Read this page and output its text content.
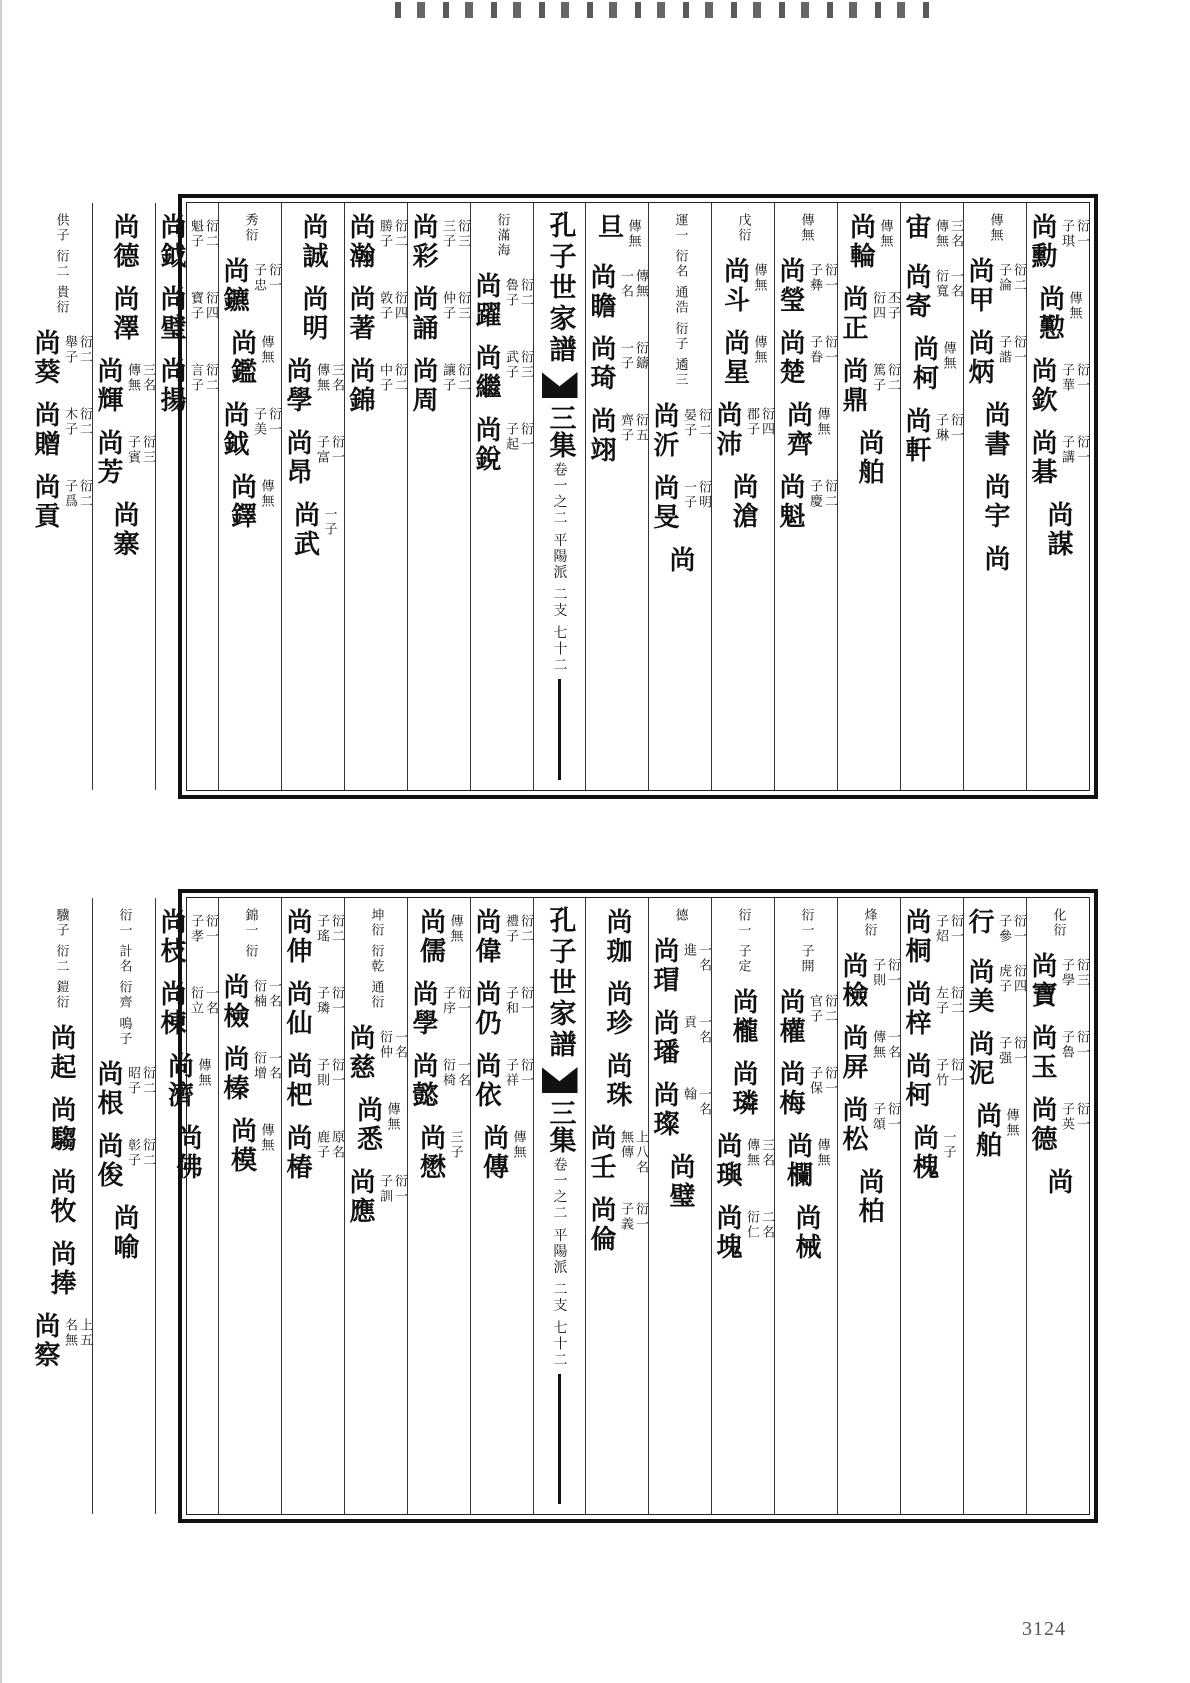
尚勳 衍一
子琪
尚懃 傳無
尚欽 衍一
子華
尚碁 衍一
子講
尚謀
傳無
尚甲 衍二
子淪
尚炳 衍一
子諧
尚書
尚宇
尚
宙 三名
傳無
尚寄 一名
衍寬
尚柯 傳無
尚軒 衍一
子琳
尚輪 傳無
尚正 丕子
衍四
尚鼎 衍二
篤子
尚舶
傳無
尚瑩 衍一
子彝
尚楚 衍一
子眷
尚齊 傳無
尚魁 衍二
子慶
戊衍
尚斗 傳無
尚星 傳無
尚沛 衍四
郡子
尚滄
運一 衍名 通浩 衍子 遹三
尚沂 衍二
晏子
尚旻 衍明
一子
尚
旦 傳無
尚瞻 傳無
一名
尚琦 衍鑄
一子
尚翊 衍五
齊子
孔子世家譜
三集
卷一之二 平陽派 二支 七十二
衍滿海
尚躍 衍二
魯子
尚繼 衍三
武子
尚銳 衍一
子起
尚彩 衍三
三子
尚誦 衍三
仲子
尚周 衍二
讓子
尚瀚 衍二
勝子
尚著 衍四
敦子
尚錦 衍二
中子
尚誠
尚明
尚學 三名
傳無
尚昂 衍一
子富
尚武 一子
秀衍
尚鑣 衍一
子忠
尚鑑 傳無
尚鉞 衍一
子美
尚鐸 傳無
尚鉞 衍二
魁子
尚璧 衍四
寶子
尚揚 衍二
言子
尚德
尚澤
尚輝 三名
傳無
尚芳 衍三
子賓
尚寨
供子 衍二 貴衍
尚葵 衍二
舉子
尚贈 衍二
木子
尚貢 衍二
子爲
化衍
尚寶 衍三
子學
尚玉 衍一
子魯
尚德 衍一
子英
尚
行 衍一
子參
尚美 衍四
虎子
尚泥 衍一
子强
尚舶 傳無
尚桐 衍一
子炤
尚梓 衍二
左子
尚柯 衍一
子竹
尚槐 一子
烽衍
尚檢 衍一
子則
尚屏 一名
傳無
尚松 衍一
子頌
尚柏
衍一 子開
尚權 衍二
官子
尚梅 衍一
子保
尚欄 傳無
尚械
衍一 子定
尚櫳
尚璘
尚璵 三名
傳無
尚塊 二名
衍仁
德
尚瑁 一名
進
尚璠 一名
貢
尚璨 一名
翰
尚璧
尚珈
尚珍
尚珠
尚壬 上八名
無傳
尚倫 衍一
子義
孔子世家譜
三集
卷一之二 平陽派 二支 七十二
尚偉 衍二
禮子
尚仍 衍一
子和
尚依 衍一
子祥
尚傳 傳無
尚儒 傳無
尚學 衍一
子序
尚懿 一名
衍椅
尚懋 三子
坤衍 衍乾 通衍
尚慈 一名
衍仲
尚悉 傳無
尚應 衍一
子訓
尚伸 衍二
子瑤
尚仙 衍一
子璘
尚杷 衍一
子則
尚椿 原名
鹿子
錦一 衍
尚檢 一名
衍楠
尚榛 一名
衍增
尚模 傳無
尚枝 衍一
子孝
尚棟 一名
衍立
尚濟 傳無
尚佛
衍一 計名 衍齊 鳴子
尚根 衍二
昭子
尚俊 衍二
彰子
尚喻
驥子 衍二 鎧衍
尚起
尚騶
尚牧
尚捧
尚察 上五
名無
3124
